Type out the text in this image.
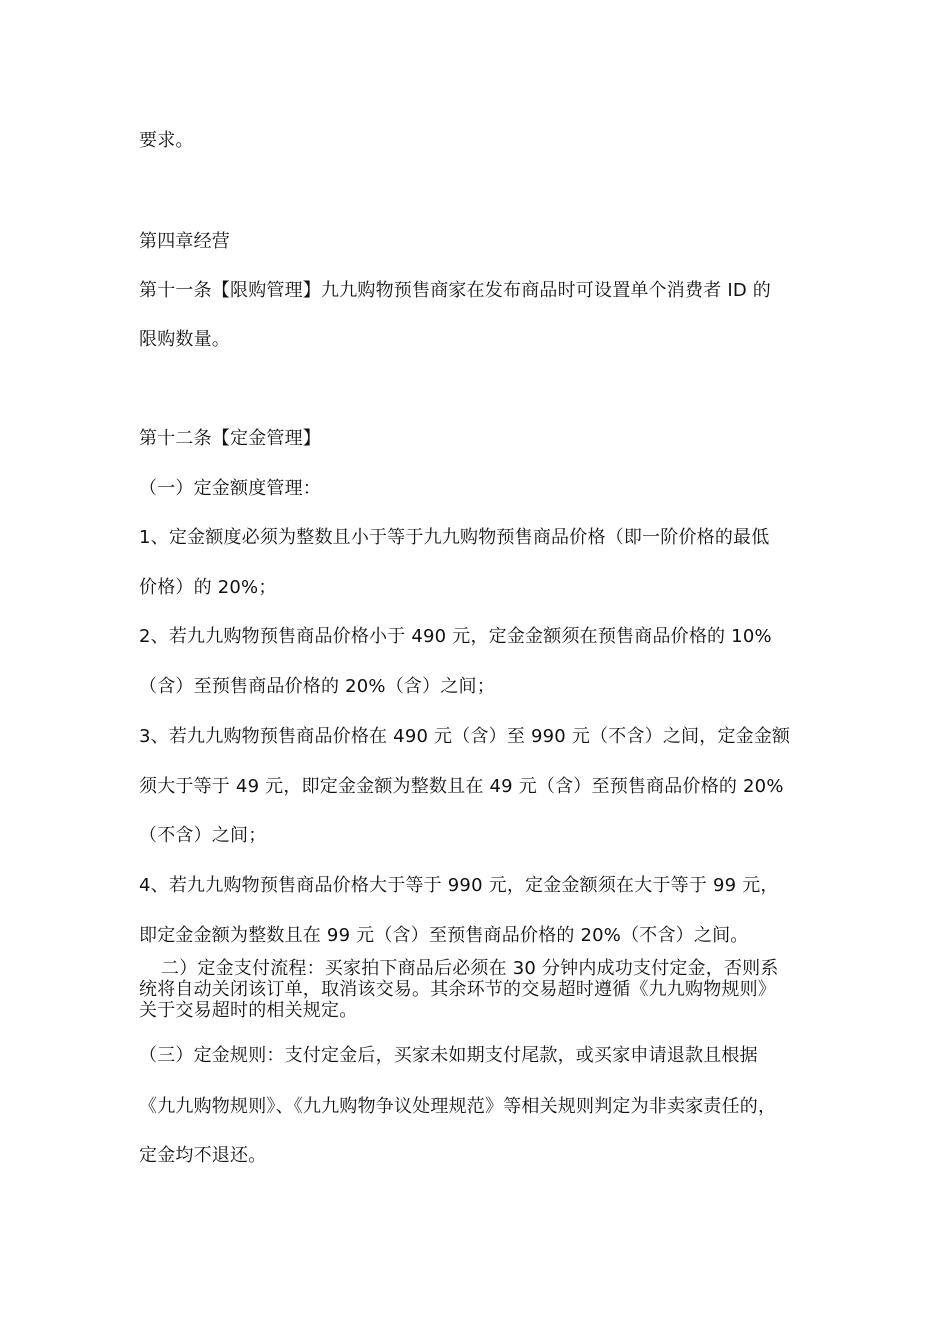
要求。
第四章经营
第十一条【限购管理】九九购物预售商家在发布商品时可设置单个消费者 ID 的
限购数量。
第十二条【定金管理】
（一）定金额度管理：
1、定金额度必须为整数且小于等于九九购物预售商品价格（即一阶价格的最低
价格）的 20%；
2、若九九购物预售商品价格小于 490 元，定金金额须在预售商品价格的 10%
（含）至预售商品价格的 20%（含）之间；
3、若九九购物预售商品价格在 490 元（含）至 990 元（不含）之间，定金金额
须大于等于 49 元，即定金金额为整数且在 49 元（含）至预售商品价格的 20%
（不含）之间；
4、若九九购物预售商品价格大于等于 990 元，定金金额须在大于等于 99 元，
即定金金额为整数且在 99 元（含）至预售商品价格的 20%（不含）之间。
二）定金支付流程：买家拍下商品后必须在 30 分钟内成功支付定金，否则系
统将自动关闭该订单，取消该交易。其余环节的交易超时遵循《九九购物规则》
关于交易超时的相关规定。
（三）定金规则：支付定金后，买家未如期支付尾款，或买家申请退款且根据
《九九购物规则》、《九九购物争议处理规范》等相关规则判定为非卖家责任的，
定金均不退还。
